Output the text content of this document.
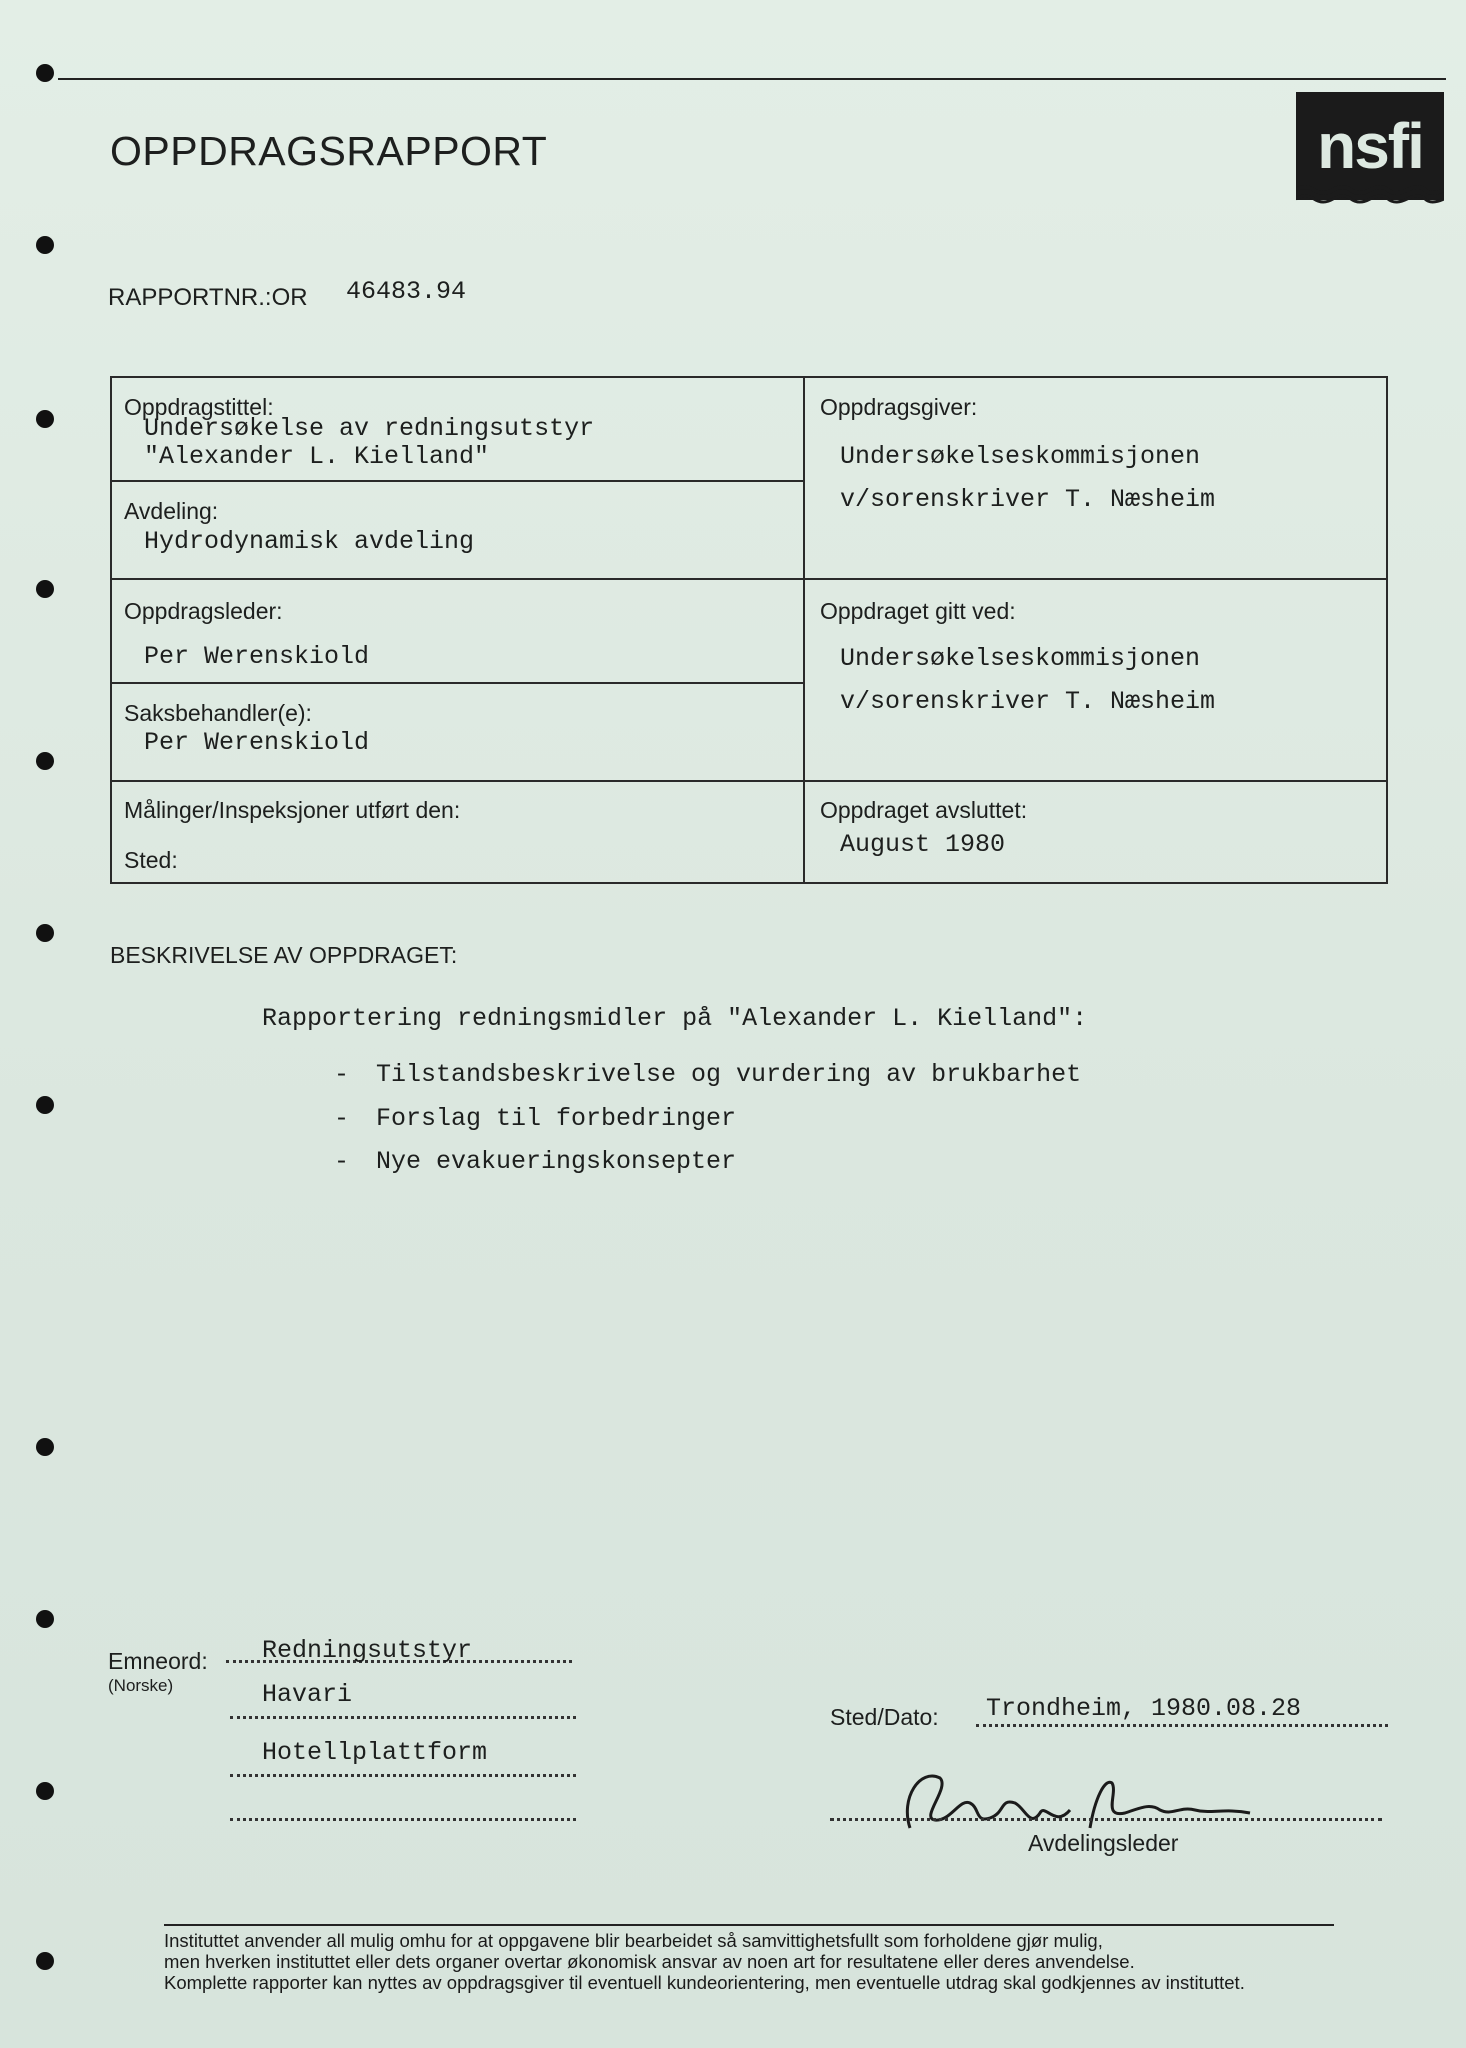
OPPDRAGSRAPPORT	nsfi
RAPPORTNR.:OR 46483.94
Oppdragstittel:
Undersøkelse av redningsutstyr
"Alexander L. Kielland"
Oppdragsgiver:
Undersøkelseskommisjonen
v/sorenskriver T. Næsheim
Avdeling:
Hydrodynamisk avdeling
Oppdragsleder:
Per Werenskiold
Oppdraget gitt ved:
Undersøkelseskommisjonen
v/sorenskriver T. Næsheim
Saksbehandler(e):
Per Werenskiold
Målinger/Inspeksjoner utført den:
Sted:
Oppdraget avsluttet:
August 1980
BESKRIVELSE AV OPPDRAGET:
Rapportering redningsmidler på "Alexander L. Kielland":
- Tilstandsbeskrivelse og vurdering av brukbarhet
- Forslag til forbedringer
- Nye evakueringskonsepter
Emneord:
(Norske)
Redningsutstyr
Havari
Hotellplattform
Sted/Dato: Trondheim, 1980.08.28
Avdelingsleder
Instituttet anvender all mulig omhu for at oppgavene blir bearbeidet så samvittighetsfullt som forholdene gjør mulig,
men hverken instituttet eller dets organer overtar økonomisk ansvar av noen art for resultatene eller deres anvendelse.
Komplette rapporter kan nyttes av oppdragsgiver til eventuell kundeorientering, men eventuelle utdrag skal godkjennes av instituttet.
